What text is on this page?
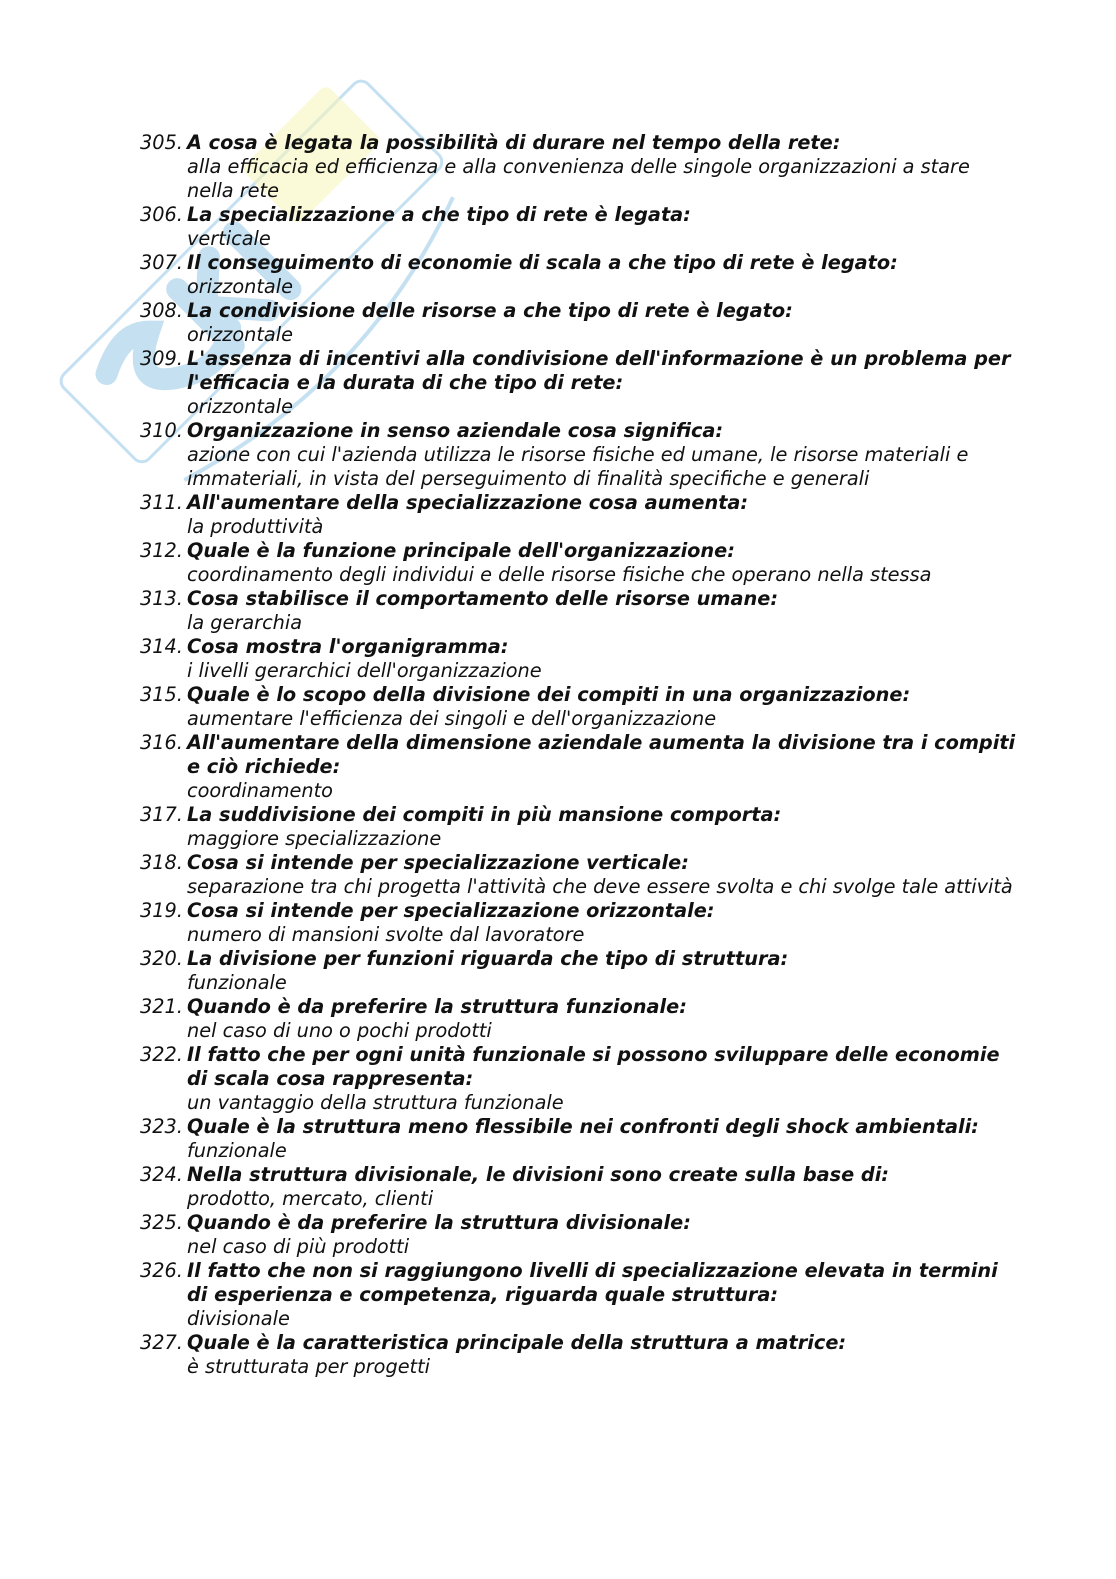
305. A cosa è legata la possibilità di durare nel tempo della rete:
alla efficacia ed efficienza e alla convenienza delle singole organizzazioni a stare nella rete
306. La specializzazione a che tipo di rete è legata:
verticale
307. Il conseguimento di economie di scala a che tipo di rete è legato:
orizzontale
308. La condivisione delle risorse a che tipo di rete è legato:
orizzontale
309. L'assenza di incentivi alla condivisione dell'informazione è un problema per l'efficacia e la durata di che tipo di rete:
orizzontale
310. Organizzazione in senso aziendale cosa significa:
azione con cui l'azienda utilizza le risorse fisiche ed umane, le risorse materiali e immateriali, in vista del perseguimento di finalità specifiche e generali
311. All'aumentare della specializzazione cosa aumenta:
la produttività
312. Quale è la funzione principale dell'organizzazione:
coordinamento degli individui e delle risorse fisiche che operano nella stessa
313. Cosa stabilisce il comportamento delle risorse umane:
la gerarchia
314. Cosa mostra l'organigramma:
i livelli gerarchici dell'organizzazione
315. Quale è lo scopo della divisione dei compiti in una organizzazione:
aumentare l'efficienza dei singoli e dell'organizzazione
316. All'aumentare della dimensione aziendale aumenta la divisione tra i compiti e ciò richiede:
coordinamento
317. La suddivisione dei compiti in più mansione comporta:
maggiore specializzazione
318. Cosa si intende per specializzazione verticale:
separazione tra chi progetta l'attività che deve essere svolta e chi svolge tale attività
319. Cosa si intende per specializzazione orizzontale:
numero di mansioni svolte dal lavoratore
320. La divisione per funzioni riguarda che tipo di struttura:
funzionale
321. Quando è da preferire la struttura funzionale:
nel caso di uno o pochi prodotti
322. Il fatto che per ogni unità funzionale si possono sviluppare delle economie di scala cosa rappresenta:
un vantaggio della struttura funzionale
323. Quale è la struttura meno flessibile nei confronti degli shock ambientali:
funzionale
324. Nella struttura divisionale, le divisioni sono create sulla base di:
prodotto, mercato, clienti
325. Quando è da preferire la struttura divisionale:
nel caso di più prodotti
326. Il fatto che non si raggiungono livelli di specializzazione elevata in termini di esperienza e competenza, riguarda quale struttura:
divisionale
327. Quale è la caratteristica principale della struttura a matrice:
è strutturata per progetti
